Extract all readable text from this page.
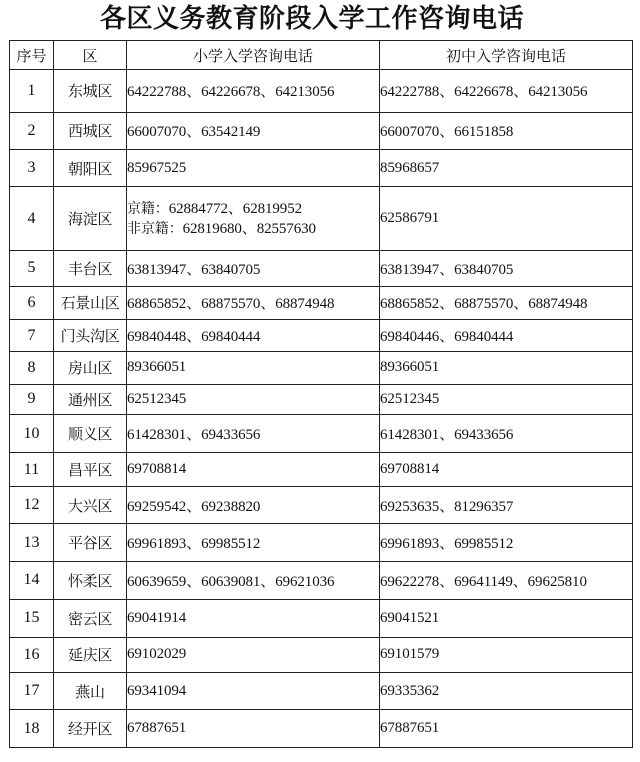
各区义务教育阶段入学工作咨询电话
序号	区	小学入学咨询电话	初中入学咨询电话
1	东城区	64222788、64226678、64213056	64222788、64226678、64213056
2	西城区	66007070、63542149	66007070、66151858
3	朝阳区	85967525	85968657
4	海淀区	京籍：62884772、62819952
非京籍：62819680、82557630	62586791
5	丰台区	63813947、63840705	63813947、63840705
6	石景山区	68865852、68875570、68874948	68865852、68875570、68874948
7	门头沟区	69840448、69840444	69840446、69840444
8	房山区	89366051	89366051
9	通州区	62512345	62512345
10	顺义区	61428301、69433656	61428301、69433656
11	昌平区	69708814	69708814
12	大兴区	69259542、69238820	69253635、81296357
13	平谷区	69961893、69985512	69961893、69985512
14	怀柔区	60639659、60639081、69621036	69622278、69641149、69625810
15	密云区	69041914	69041521
16	延庆区	69102029	69101579
17	燕山	69341094	69335362
18	经开区	67887651	67887651
